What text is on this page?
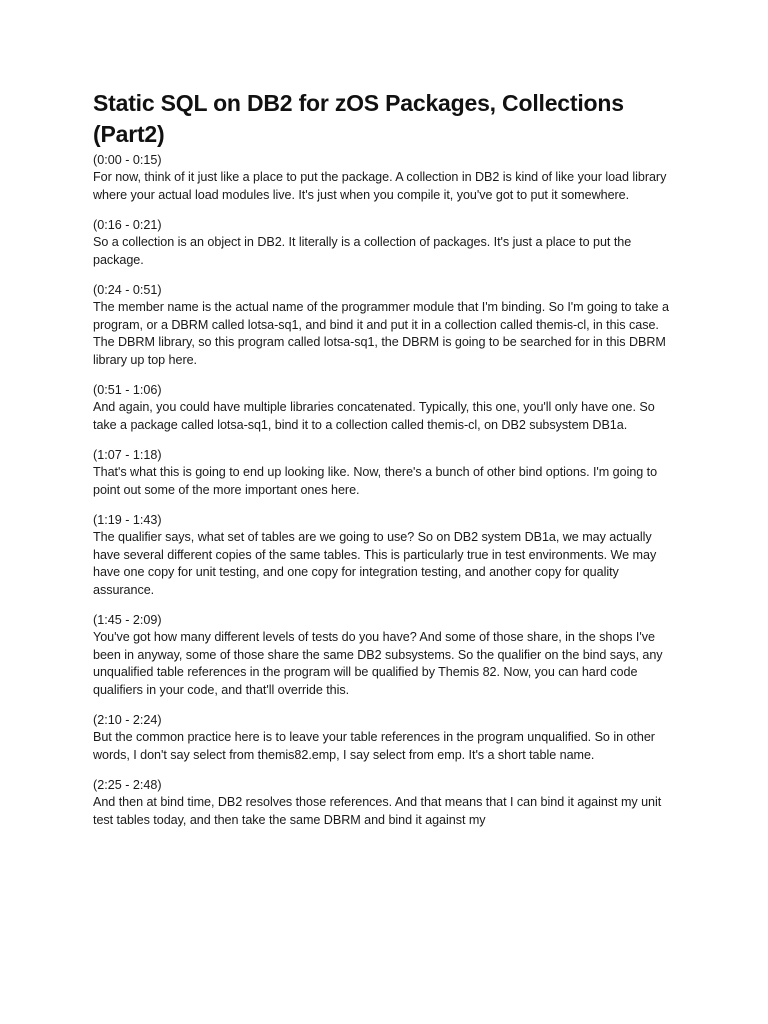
Static SQL on DB2 for zOS Packages, Collections (Part2)
(0:00 - 0:15)
For now, think of it just like a place to put the package. A collection in DB2 is kind of like your load library where your actual load modules live. It's just when you compile it, you've got to put it somewhere.
(0:16 - 0:21)
So a collection is an object in DB2. It literally is a collection of packages. It's just a place to put the package.
(0:24 - 0:51)
The member name is the actual name of the programmer module that I'm binding. So I'm going to take a program, or a DBRM called lotsa-sq1, and bind it and put it in a collection called themis-cl, in this case. The DBRM library, so this program called lotsa-sq1, the DBRM is going to be searched for in this DBRM library up top here.
(0:51 - 1:06)
And again, you could have multiple libraries concatenated. Typically, this one, you'll only have one. So take a package called lotsa-sq1, bind it to a collection called themis-cl, on DB2 subsystem DB1a.
(1:07 - 1:18)
That's what this is going to end up looking like. Now, there's a bunch of other bind options. I'm going to point out some of the more important ones here.
(1:19 - 1:43)
The qualifier says, what set of tables are we going to use? So on DB2 system DB1a, we may actually have several different copies of the same tables. This is particularly true in test environments. We may have one copy for unit testing, and one copy for integration testing, and another copy for quality assurance.
(1:45 - 2:09)
You've got how many different levels of tests do you have? And some of those share, in the shops I've been in anyway, some of those share the same DB2 subsystems. So the qualifier on the bind says, any unqualified table references in the program will be qualified by Themis 82. Now, you can hard code qualifiers in your code, and that'll override this.
(2:10 - 2:24)
But the common practice here is to leave your table references in the program unqualified. So in other words, I don't say select from themis82.emp, I say select from emp. It's a short table name.
(2:25 - 2:48)
And then at bind time, DB2 resolves those references. And that means that I can bind it against my unit test tables today, and then take the same DBRM and bind it against my
